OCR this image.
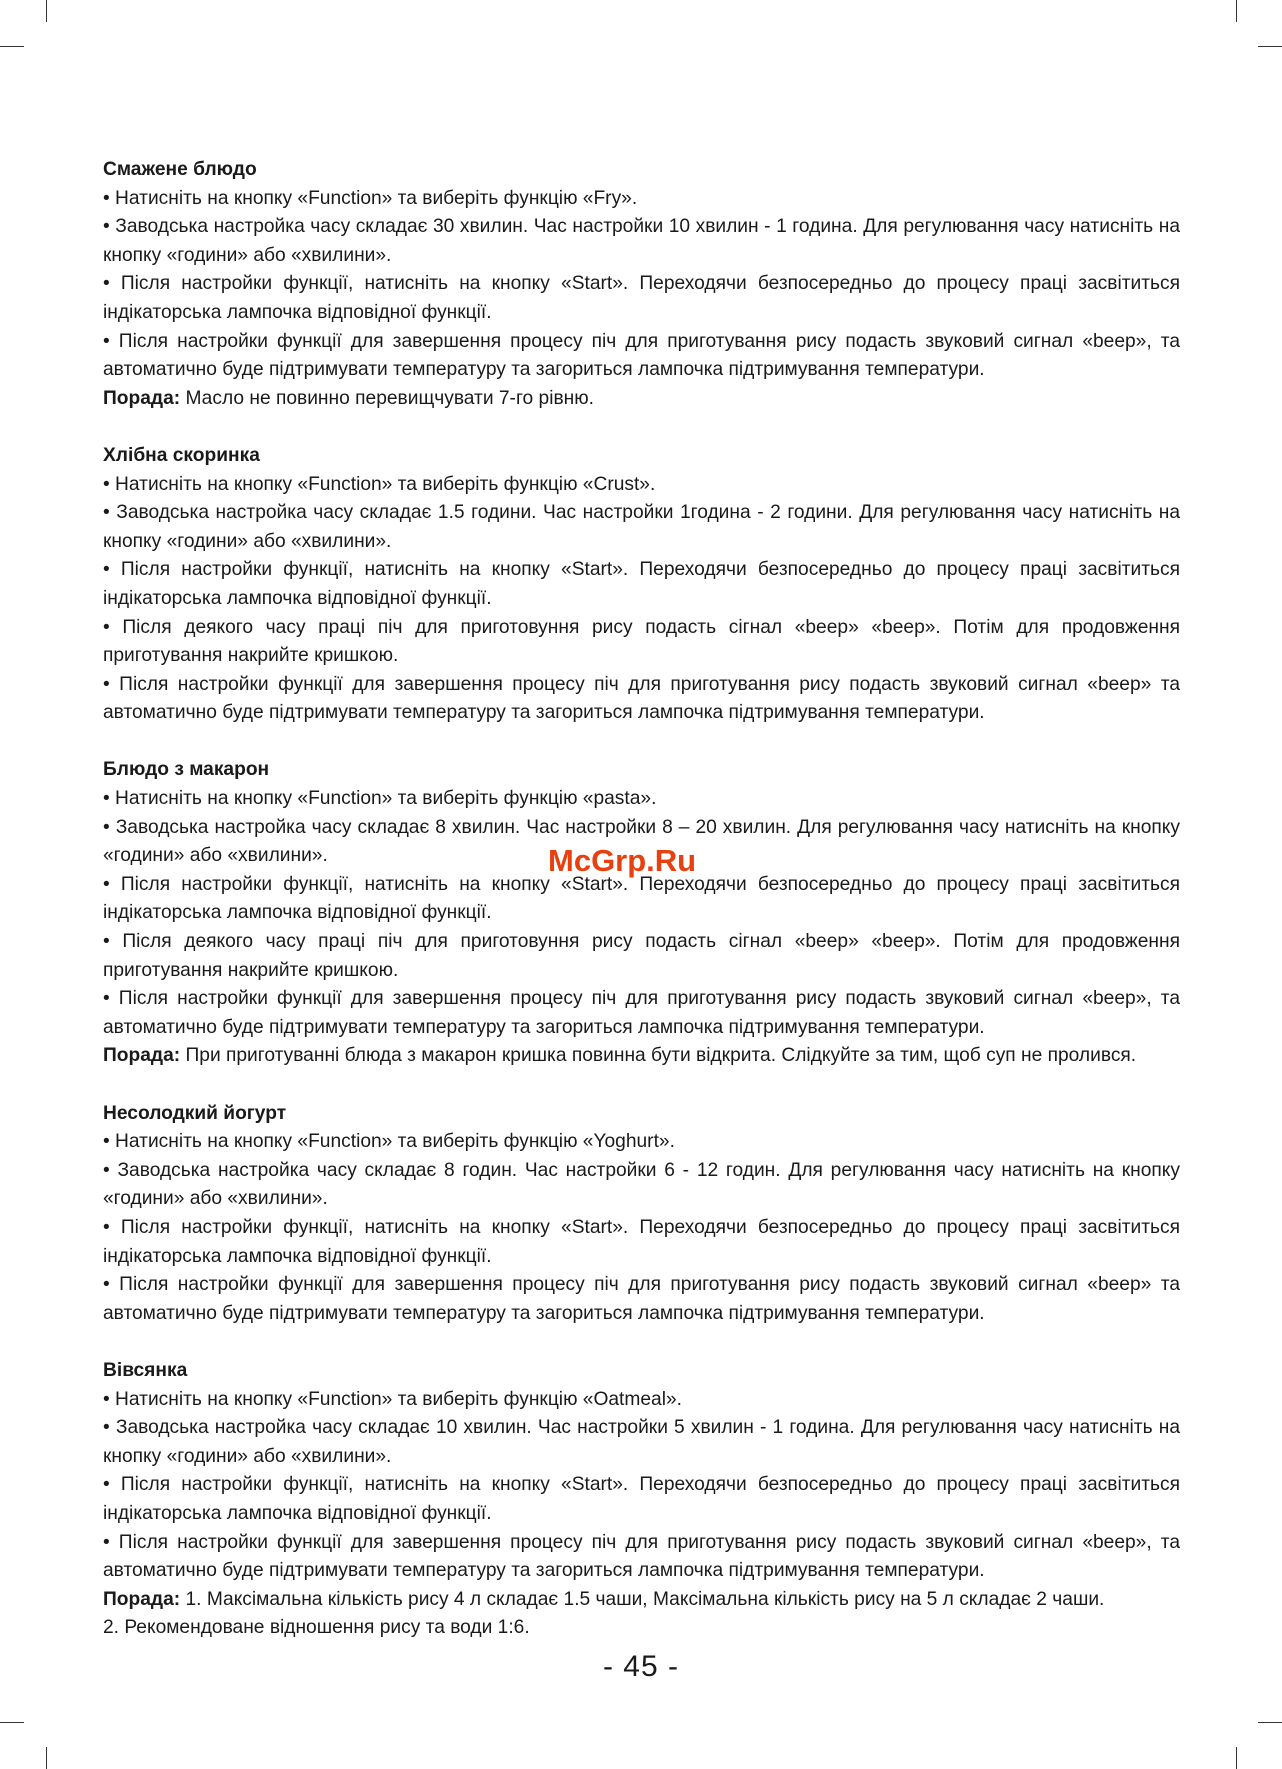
Смажене блюдо

• Натисніть на кнопку «Function» та виберіть функцію «Fry».

• Заводська настройка часу складає 30 хвилин. Час настройки 10 хвилин - 1 година. Для регулювання часу натисніть на кнопку «години» або «хвилини».

• Після настройки функції, натисніть на кнопку «Start». Переходячи безпосередньо до процесу праці засвітиться індікаторська лампочка відповідної функції.

• Після настройки функції для завершення процесу піч для приготування рису подасть звуковий сигнал «beep», та автоматично буде підтримувати температуру та загориться лампочка підтримування температури.

Порада: Масло не повинно перевищчувати 7-го рівню.

Хлібна скоринка

• Натисніть на кнопку «Function» та виберіть функцію «Crust».

• Заводська настройка часу складає 1.5 години. Час настройки 1година - 2 години. Для регулювання часу натисніть на кнопку «години» або «хвилини».

• Після настройки функції, натисніть на кнопку «Start». Переходячи безпосередньо до процесу праці засвітиться індікаторська лампочка відповідної функції.

• Після деякого часу праці піч для приготовуння рису подасть сігнал «beep» «beep». Потім для продовження приготування накрийте кришкою.

• Після настройки функції для завершення процесу піч для приготування рису подасть звуковий сигнал «beep» та автоматично буде підтримувати температуру та загориться лампочка підтримування температури.

Блюдо з макарон

• Натисніть на кнопку «Function» та виберіть функцію «pasta».

• Заводська настройка часу складає 8 хвилин. Час настройки 8 – 20 хвилин. Для регулювання часу натисніть на кнопку «години» або «хвилини».

• Після настройки функції, натисніть на кнопку «Start». Переходячи безпосередньо до процесу праці засвітиться індікаторська лампочка відповідної функції.

• Після деякого часу праці піч для приготовуння рису подасть сігнал «beep» «beep». Потім для продовження приготування накрийте кришкою.

• Після настройки функції для завершення процесу піч для приготування рису подасть звуковий сигнал «beep», та автоматично буде підтримувати температуру та загориться лампочка підтримування температури.

Порада: При приготуванні блюда з макарон кришка повинна бути відкрита. Слідкуйте за тим, щоб суп не пролився.

Несолодкий йогурт

• Натисніть на кнопку «Function» та виберіть функцію «Yoghurt».

• Заводська настройка часу складає 8 годин. Час настройки 6 - 12 годин. Для регулювання часу натисніть на кнопку «години» або «хвилини».

• Після настройки функції, натисніть на кнопку «Start». Переходячи безпосередньо до процесу праці засвітиться індікаторська лампочка відповідної функції.

• Після настройки функції для завершення процесу піч для приготування рису подасть звуковий сигнал «beep» та автоматично буде підтримувати температуру та загориться лампочка підтримування температури.

Вівсянка

• Натисніть на кнопку «Function» та виберіть функцію «Oatmeal».

• Заводська настройка часу складає 10 хвилин. Час настройки 5 хвилин - 1 година. Для регулювання часу натисніть на кнопку «години» або «хвилини».

• Після настройки функції, натисніть на кнопку «Start». Переходячи безпосередньо до процесу праці засвітиться індікаторська лампочка відповідної функції.

• Після настройки функції для завершення процесу піч для приготування рису подасть звуковий сигнал «beep», та автоматично буде підтримувати температуру та загориться лампочка підтримування температури.

Порада: 1. Максімальна кількість рису 4 л складає 1.5 чаши, Максімальна кількість рису на 5 л складає 2 чаши.

2. Рекомендоване відношення рису та води 1:6.

McGrp.Ru
- 45 -
